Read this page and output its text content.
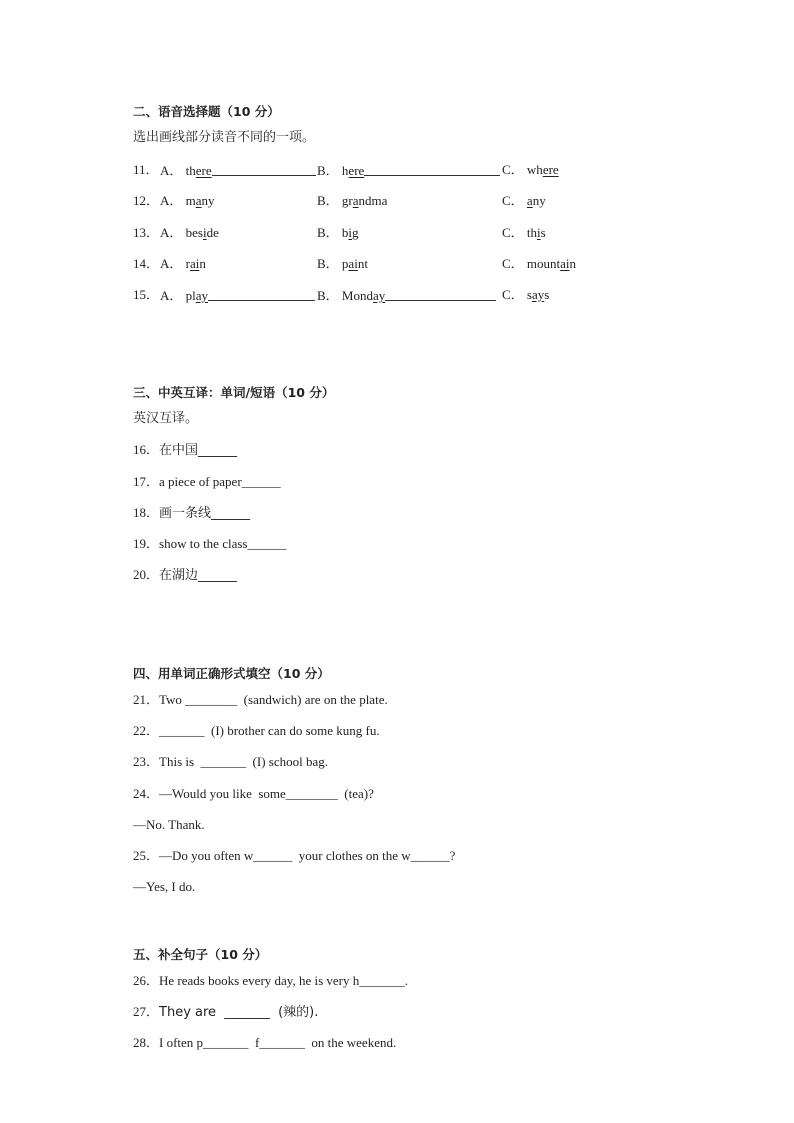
二、语音选择题（10 分）
选出画线部分读音不同的一项。
11． A． there	B． here	C． where
12． A． many	B． grandma	C． any
13． A． beside	B． big	C． this
14． A． rain	B． paint	C． mountain
15． A． play	B． Monday	C． says
三、中英互译：单词/短语（10 分）
英汉互译。
16．在中国______
17．a piece of paper______
18．画一条线______
19．show to the class______
20．在湖边______
四、用单词正确形式填空（10 分）
21．Two ________  (sandwich) are on the plate.
22．_______  (I) brother can do some kung fu.
23．This is  _______  (I) school bag.
24．—Would you like  some________  (tea)?
—No. Thank.
25．—Do you often w______  your clothes on the w______?
—Yes, I do.
五、补全句子（10 分）
26．He reads books every day, he is very h_______.
27．They are  _______  (辣的).
28．I often p_______  f_______  on the weekend.
